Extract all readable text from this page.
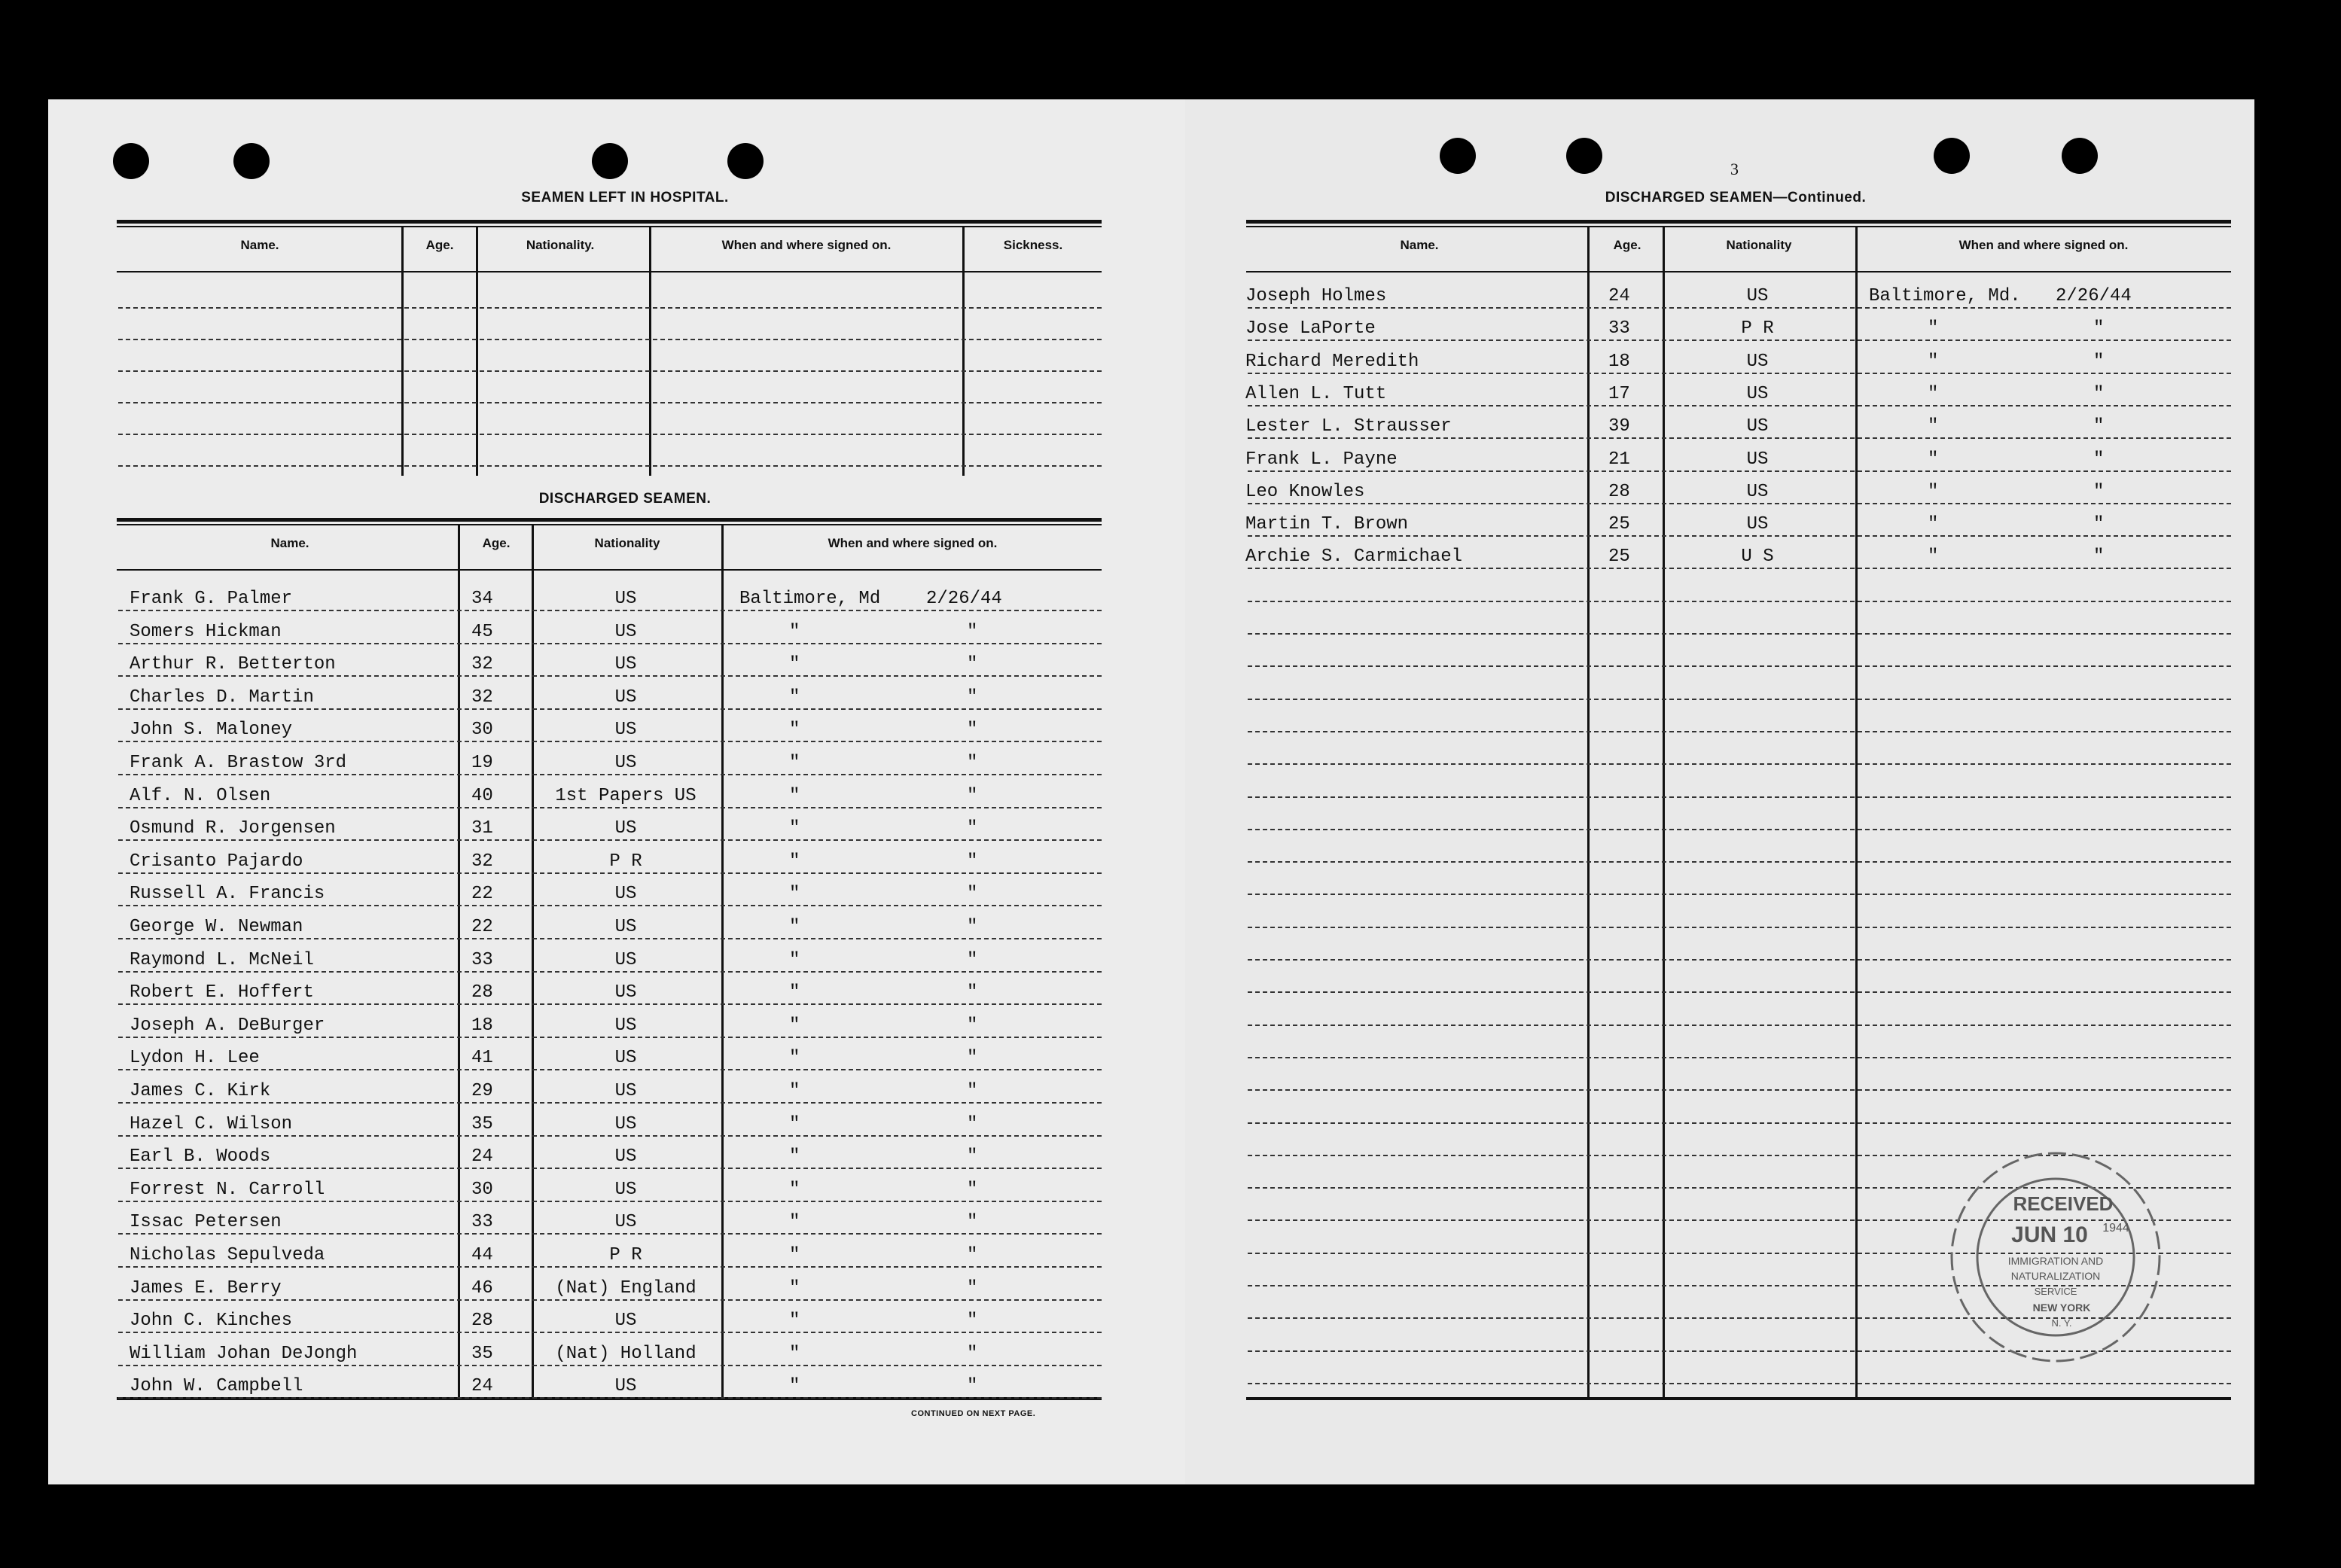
SEAMEN LEFT IN HOSPITAL.
Name.	Age.	Nationality.	When and where signed on.	Sickness.
DISCHARGED SEAMEN.
Name.	Age.	Nationality	When and where signed on.
Frank G. Palmer	34	US	Baltimore, Md	2/26/44
Somers Hickman	45	US	"	"
Arthur R. Betterton	32	US	"	"
Charles D. Martin	32	US	"	"
John S. Maloney	30	US	"	"
Frank A. Brastow 3rd	19	US	"	"
Alf. N. Olsen	40	1st Papers US	"	"
Osmund R. Jorgensen	31	US	"	"
Crisanto Pajardo	32	P R	"	"
Russell A. Francis	22	US	"	"
George W. Newman	22	US	"	"
Raymond L. McNeil	33	US	"	"
Robert E. Hoffert	28	US	"	"
Joseph A. DeBurger	18	US	"	"
Lydon H. Lee	41	US	"	"
James C. Kirk	29	US	"	"
Hazel C. Wilson	35	US	"	"
Earl B. Woods	24	US	"	"
Forrest N. Carroll	30	US	"	"
Issac Petersen	33	US	"	"
Nicholas Sepulveda	44	P R	"	"
James E. Berry	46	(Nat) England	"	"
John C. Kinches	28	US	"	"
William Johan DeJongh	35	(Nat) Holland	"	"
John W. Campbell	24	US	"	"
CONTINUED ON NEXT PAGE.
3
DISCHARGED SEAMEN—Continued.
Name.	Age.	Nationality	When and where signed on.
Joseph Holmes	24	US	Baltimore, Md. 2/26/44
Jose LaPorte	33	P R	"	"
Richard Meredith	18	US	"	"
Allen L. Tutt	17	US	"	"
Lester L. Strausser	39	US	"	"
Frank L. Payne	21	US	"	"
Leo Knowles	28	US	"	"
Martin T. Brown	25	US	"	"
Archie S. Carmichael	25	U S	"	"
RECEIVED
JUN 10 1944
IMMIGRATION AND
NATURALIZATION
SERVICE
NEW YORK
N. Y.
